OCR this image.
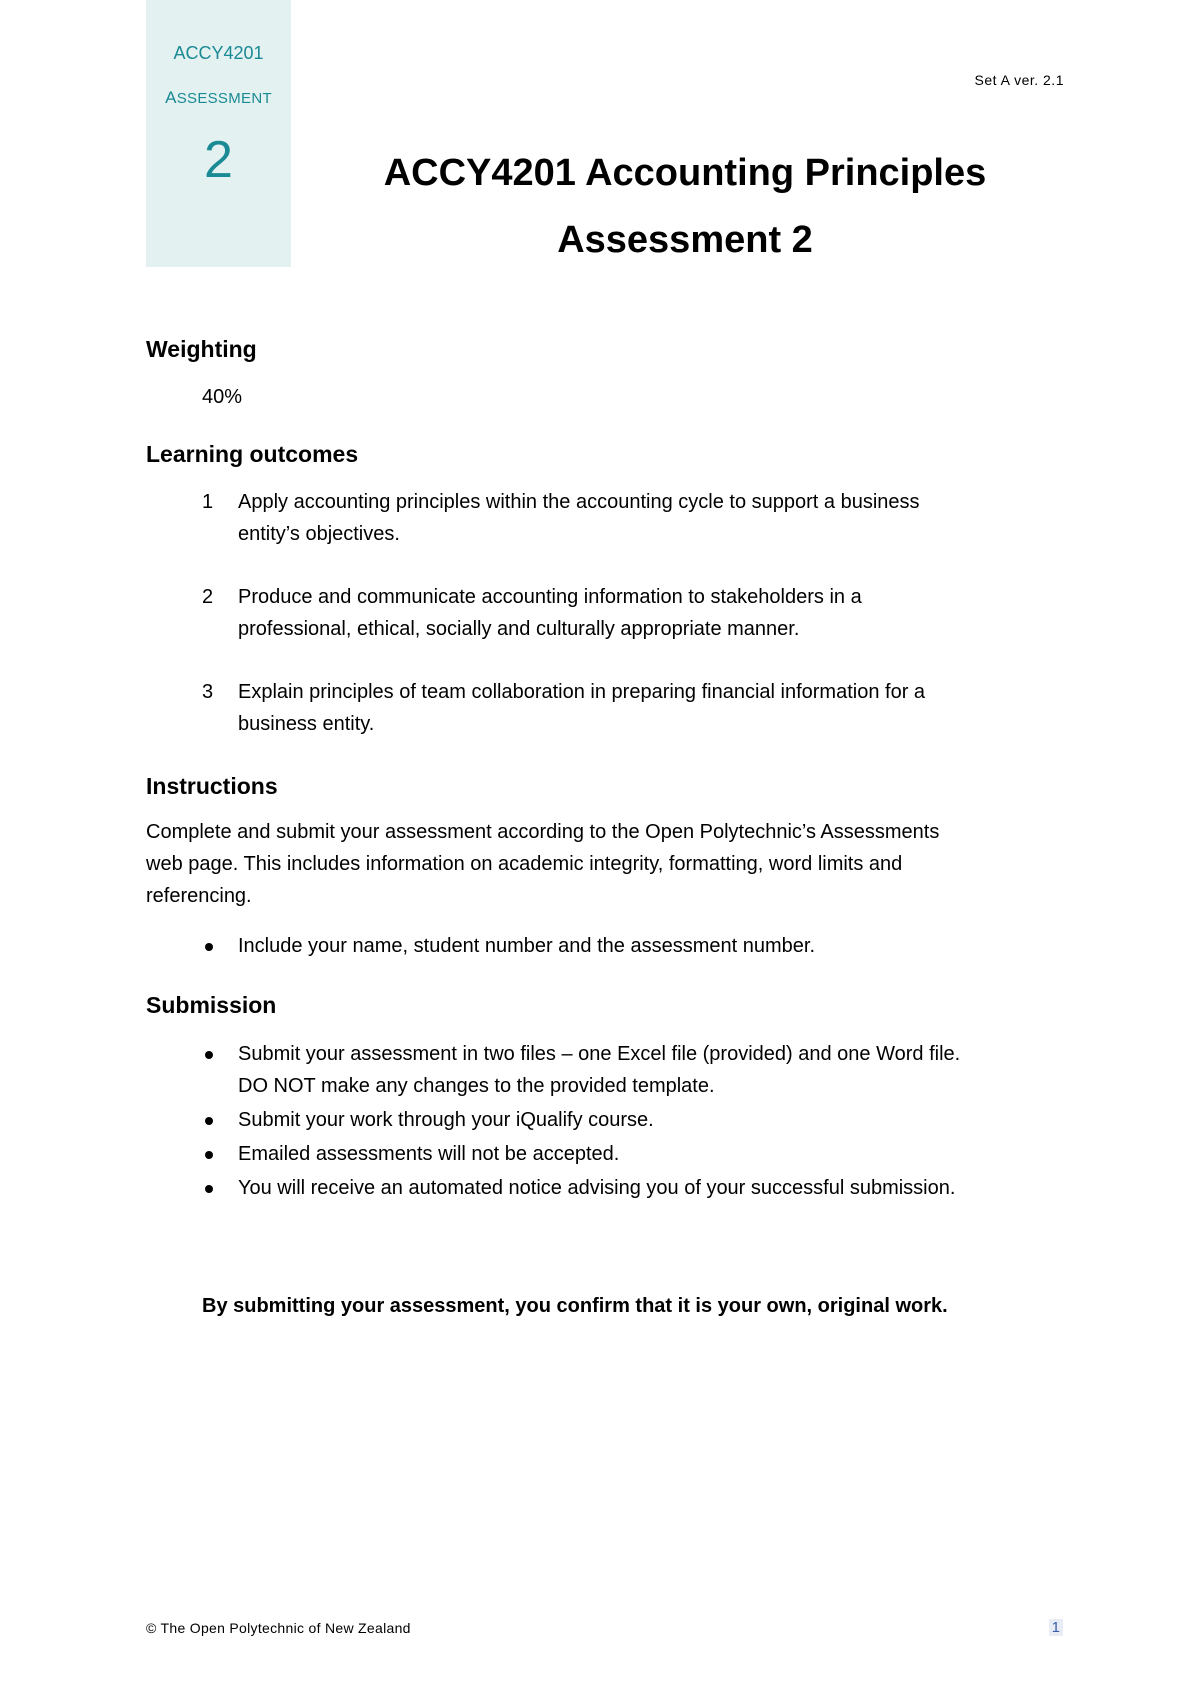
ACCY4201
ASSESSMENT
2
Set A ver. 2.1
ACCY4201 Accounting Principles
Assessment 2
Weighting
40%
Learning outcomes
1 Apply accounting principles within the accounting cycle to support a business
entity’s objectives.
2 Produce and communicate accounting information to stakeholders in a
professional, ethical, socially and culturally appropriate manner.
3 Explain principles of team collaboration in preparing financial information for a
business entity.
Instructions
Complete and submit your assessment according to the Open Polytechnic’s Assessments
web page. This includes information on academic integrity, formatting, word limits and
referencing.
Include your name, student number and the assessment number.
Submission
Submit your assessment in two files – one Excel file (provided) and one Word file.
DO NOT make any changes to the provided template.
Submit your work through your iQualify course.
Emailed assessments will not be accepted.
You will receive an automated notice advising you of your successful submission.
By submitting your assessment, you confirm that it is your own, original work.
© The Open Polytechnic of New Zealand	1
